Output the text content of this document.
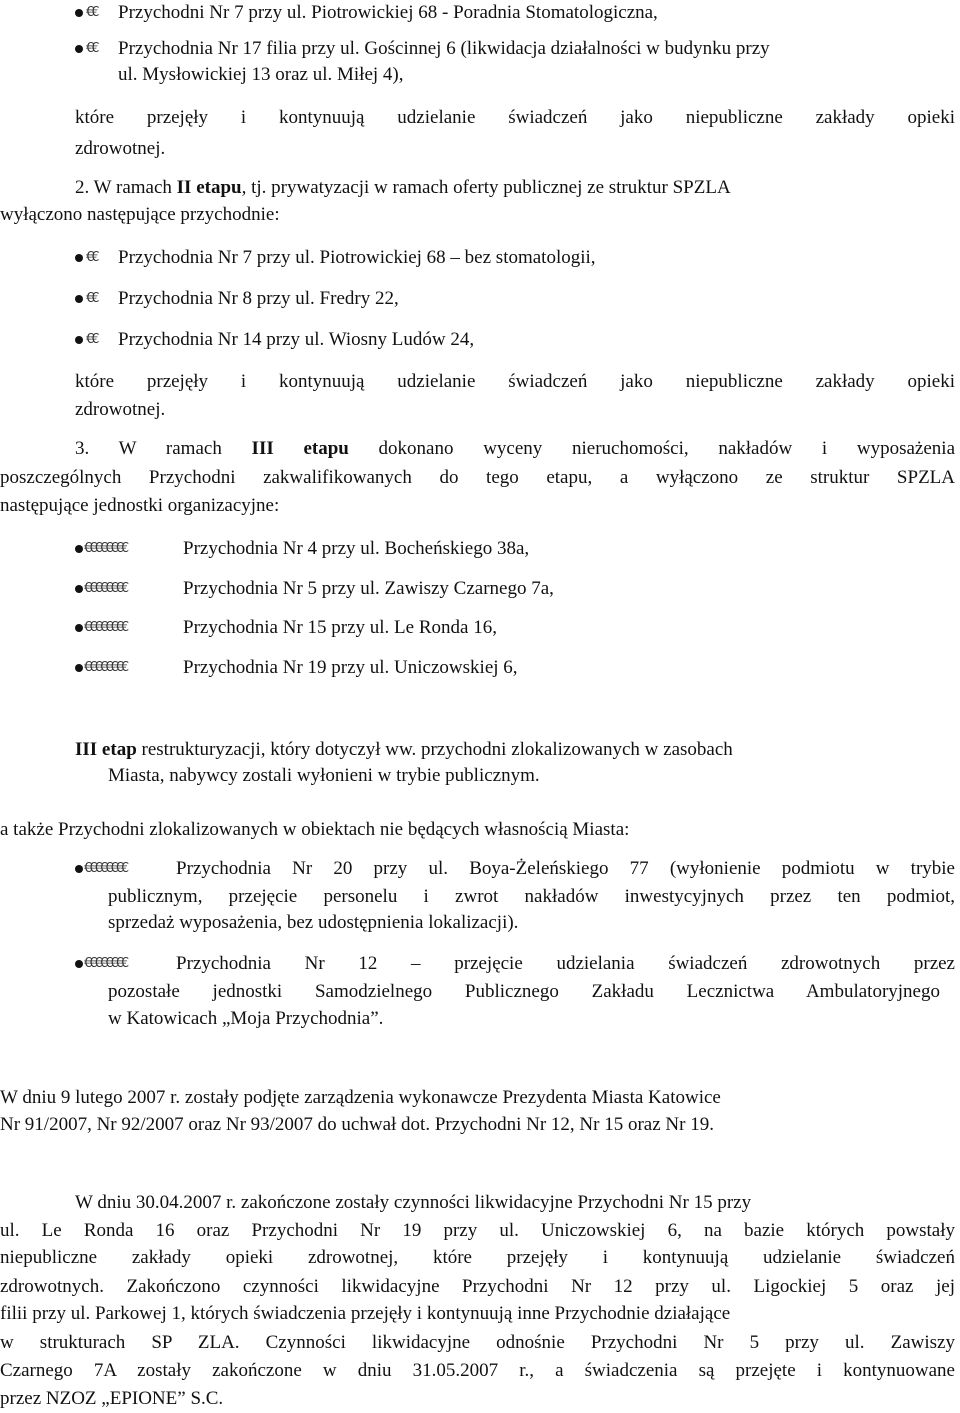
€€ Przychodni Nr 7 przy ul. Piotrowickiej 68 - Poradnia Stomatologiczna,
€€ Przychodnia Nr 17 filia przy ul. Gościnnej 6 (likwidacja działalności w budynku przy
ul. Mysłowickiej 13 oraz ul. Miłej 4),
które przejęły i kontynuują udzielanie świadczeń jako niepubliczne zakłady opieki
zdrowotnej.
2. W ramach II etapu, tj. prywatyzacji w ramach oferty publicznej ze struktur SPZLA
wyłączono następujące przychodnie:
€€ Przychodnia Nr 7 przy ul. Piotrowickiej 68 – bez stomatologii,
€€ Przychodnia Nr 8 przy ul. Fredry 22,
€€ Przychodnia Nr 14 przy ul. Wiosny Ludów 24,
które przejęły i kontynuują udzielanie świadczeń jako niepubliczne zakłady opieki
zdrowotnej.
3. W ramach III etapu dokonano wyceny nieruchomości, nakładów i wyposażenia
poszczególnych Przychodni zakwalifikowanych do tego etapu, a wyłączono ze struktur SPZLA
następujące jednostki organizacyjne:
€€€€€€€€	Przychodnia Nr 4 przy ul. Bocheńskiego 38a,
€€€€€€€€	Przychodnia Nr 5 przy ul. Zawiszy Czarnego 7a,
€€€€€€€€	Przychodnia Nr 15 przy ul. Le Ronda 16,
€€€€€€€€	Przychodnia Nr 19 przy ul. Uniczowskiej 6,
III etap restrukturyzacji, który dotyczył ww. przychodni zlokalizowanych w zasobach
Miasta, nabywcy zostali wyłonieni w trybie publicznym.
a także Przychodni zlokalizowanych w obiektach nie będących własnością Miasta:
€€€€€€€€	Przychodnia Nr 20 przy ul. Boya-Żeleńskiego 77 (wyłonienie podmiotu w trybie
publicznym, przejęcie personelu i zwrot nakładów inwestycyjnych przez ten podmiot,
sprzedaż wyposażenia, bez udostępnienia lokalizacji).
€€€€€€€€	Przychodnia Nr 12 – przejęcie udzielania świadczeń zdrowotnych przez
pozostałe jednostki Samodzielnego Publicznego Zakładu Lecznictwa Ambulatoryjnego
w Katowicach „Moja Przychodnia”.
W dniu 9 lutego 2007 r. zostały podjęte zarządzenia wykonawcze Prezydenta Miasta Katowice
Nr 91/2007, Nr 92/2007 oraz Nr 93/2007 do uchwał dot. Przychodni Nr 12, Nr 15 oraz Nr 19.
W dniu 30.04.2007 r. zakończone zostały czynności likwidacyjne Przychodni Nr 15 przy
ul. Le Ronda 16 oraz Przychodni Nr 19 przy ul. Uniczowskiej 6, na bazie których powstały
niepubliczne zakłady opieki zdrowotnej, które przejęły i kontynuują udzielanie świadczeń
zdrowotnych. Zakończono czynności likwidacyjne Przychodni Nr 12 przy ul. Ligockiej 5 oraz jej
filii przy ul. Parkowej 1, których świadczenia przejęły i kontynuują inne Przychodnie działające
w strukturach SP ZLA. Czynności likwidacyjne odnośnie Przychodni Nr 5 przy ul. Zawiszy
Czarnego 7A zostały zakończone w dniu 31.05.2007 r., a świadczenia są przejęte i kontynuowane
przez NZOZ „EPIONE” S.C.
